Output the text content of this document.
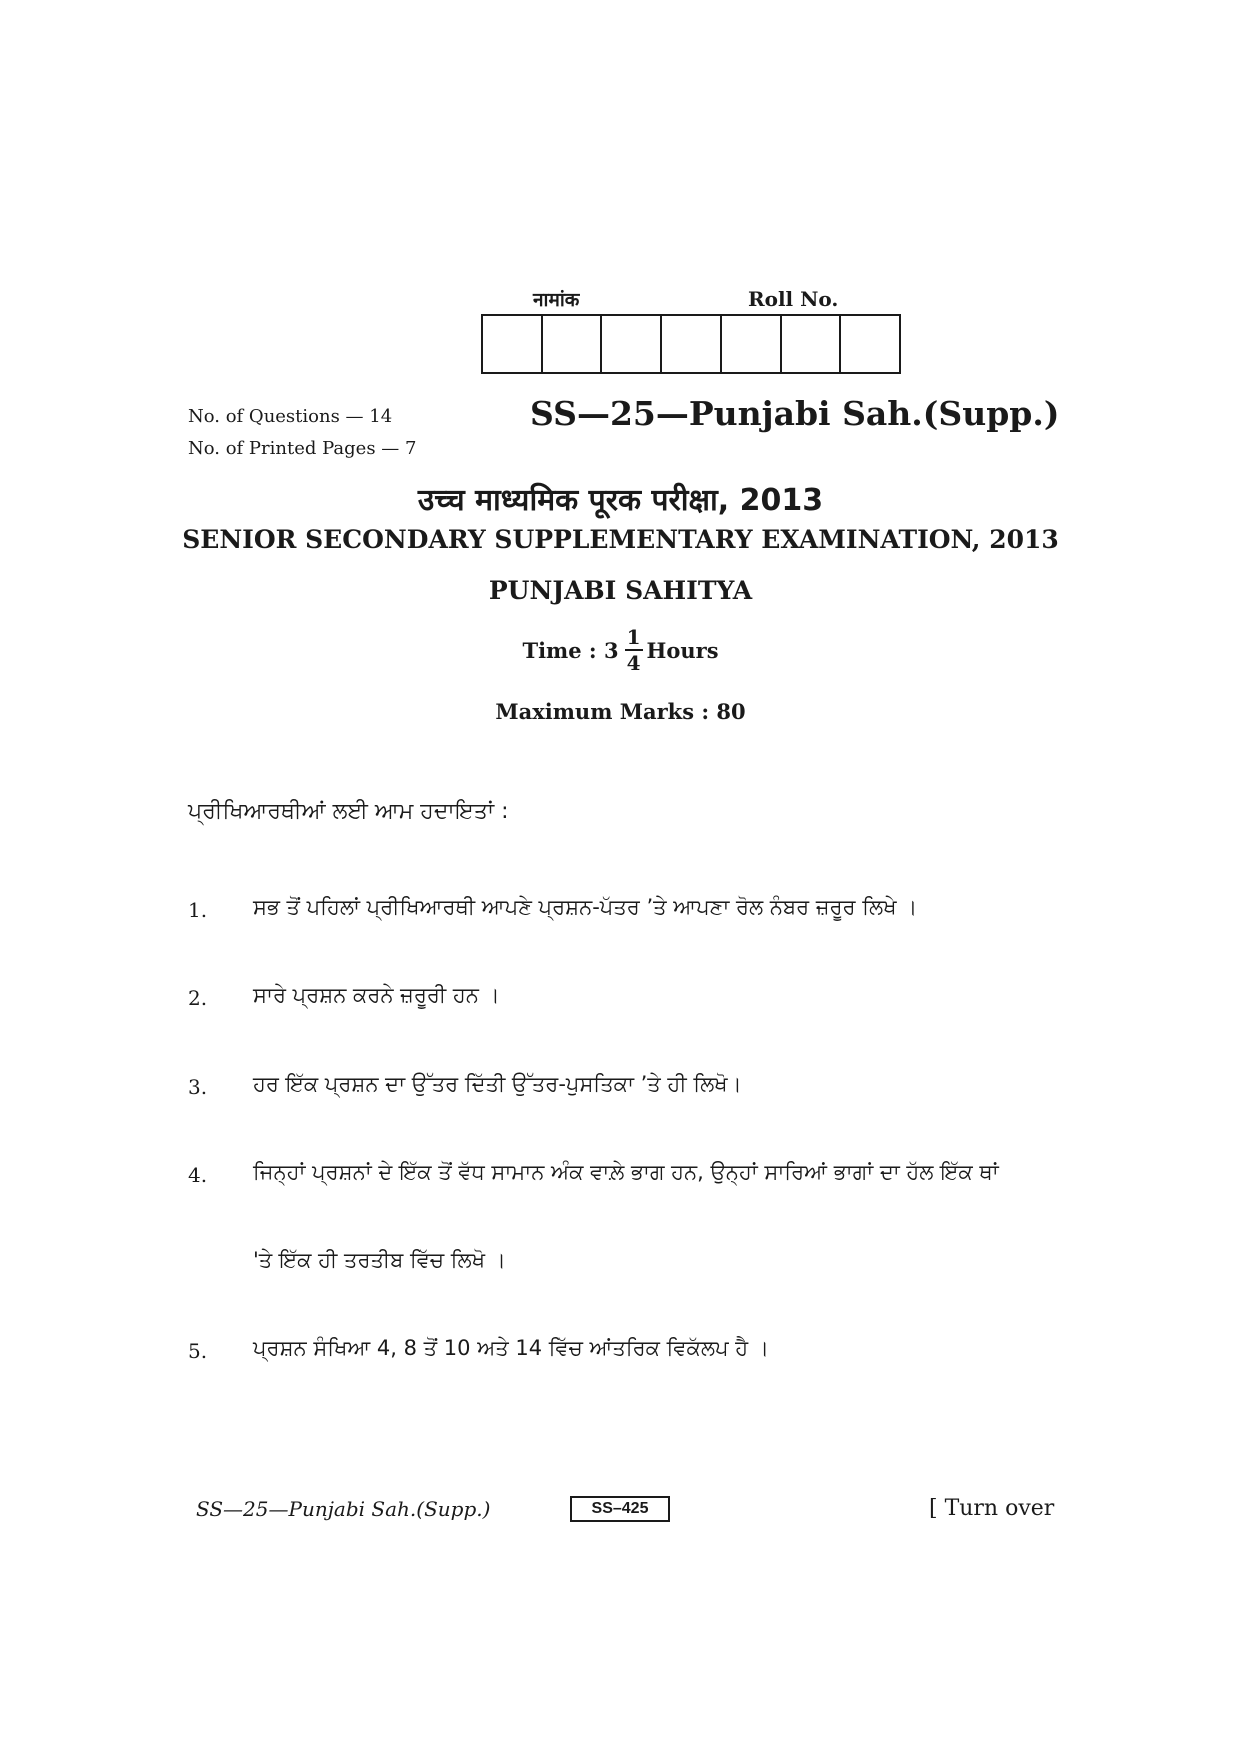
नामांक	Roll No.
No. of Questions — 14
No. of Printed Pages — 7
SS—25—Punjabi Sah.(Supp.)
उच्च माध्यमिक पूरक परीक्षा, 2013
SENIOR SECONDARY SUPPLEMENTARY EXAMINATION, 2013
PUNJABI SAHITYA
Time : $3 \frac{1}{4}$ Hours
Maximum Marks : 80
ਪ੍ਰੀਖਿਆਰਥੀਆਂ ਲਈ ਆਮ ਹਦਾਇਤਾਂ :
1. ਸਭ ਤੋਂ ਪਹਿਲਾਂ ਪ੍ਰੀਖਿਆਰਥੀ ਆਪਣੇ ਪ੍ਰਸ਼ਨ-ਪੱਤਰ ’ਤੇ ਆਪਣਾ ਰੋਲ ਨੰਬਰ ਜ਼ਰੂਰ ਲਿਖੇ ।
2. ਸਾਰੇ ਪ੍ਰਸ਼ਨ ਕਰਨੇ ਜ਼ਰੂਰੀ ਹਨ ।
3. ਹਰ ਇੱਕ ਪ੍ਰਸ਼ਨ ਦਾ ਉੱਤਰ ਦਿੱਤੀ ਉੱਤਰ-ਪੁਸਤਿਕਾ ’ਤੇ ਹੀ ਲਿਖੋ।
4. ਜਿਨ੍ਹਾਂ ਪ੍ਰਸ਼ਨਾਂ ਦੇ ਇੱਕ ਤੋਂ ਵੱਧ ਸਾਮਾਨ ਅੰਕ ਵਾਲ਼ੇ ਭਾਗ ਹਨ, ਉਨ੍ਹਾਂ ਸਾਰਿਆਂ ਭਾਗਾਂ ਦਾ ਹੱਲ ਇੱਕ ਥਾਂ
'ਤੇ ਇੱਕ ਹੀ ਤਰਤੀਬ ਵਿੱਚ ਲਿਖੋ ।
5. ਪ੍ਰਸ਼ਨ ਸੰਖਿਆ 4, 8 ਤੋਂ 10 ਅਤੇ 14 ਵਿੱਚ ਆਂਤਰਿਕ ਵਿਕੱਲਪ ਹੈ ।
SS—25—Punjabi Sah.(Supp.)	SS–425	[ Turn over
